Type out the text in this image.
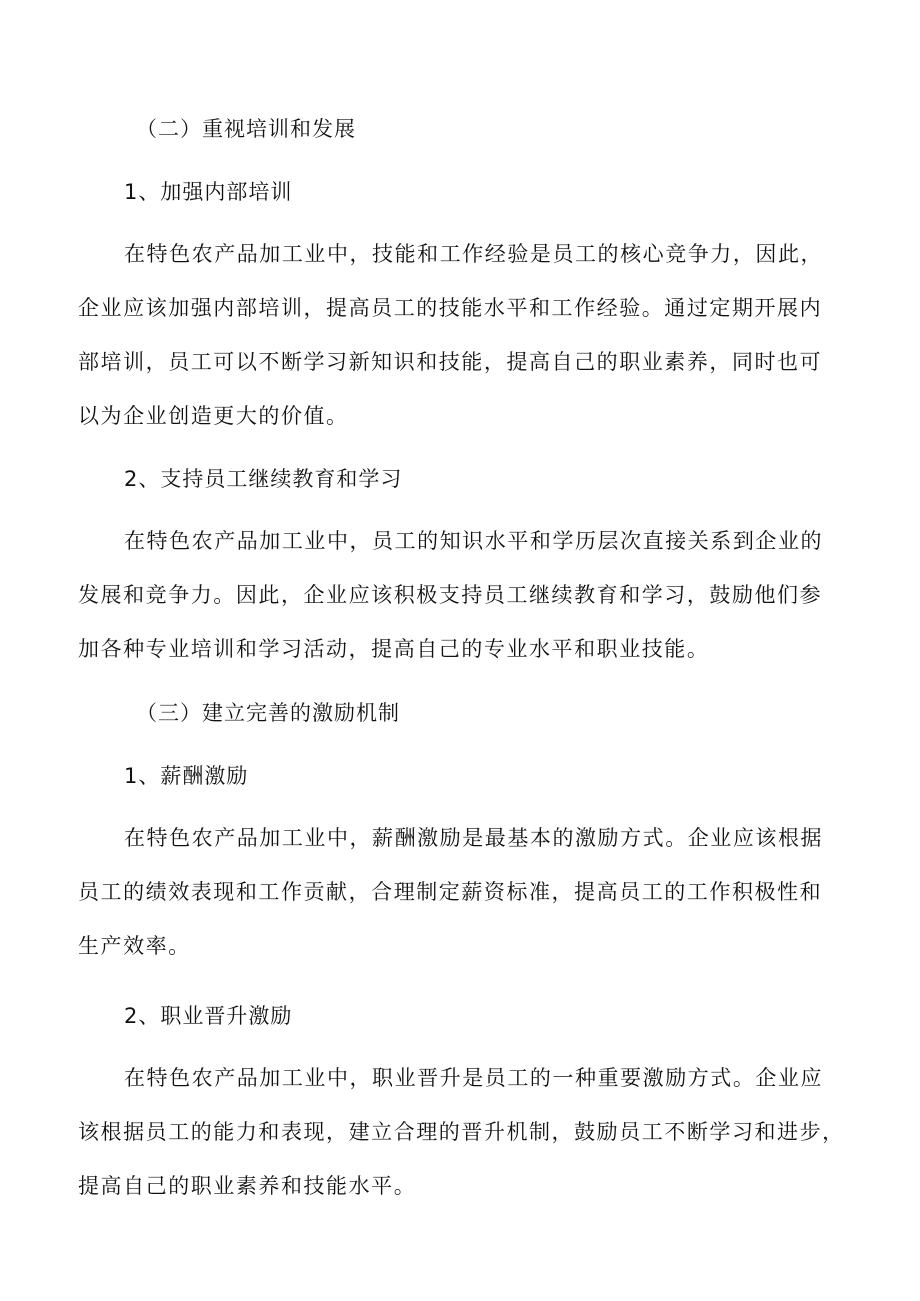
（二）重视培训和发展
1、加强内部培训
在特色农产品加工业中，技能和工作经验是员工的核心竞争力，因此，
企业应该加强内部培训，提高员工的技能水平和工作经验。通过定期开展内
部培训，员工可以不断学习新知识和技能，提高自己的职业素养，同时也可
以为企业创造更大的价值。
2、支持员工继续教育和学习
在特色农产品加工业中，员工的知识水平和学历层次直接关系到企业的
发展和竞争力。因此，企业应该积极支持员工继续教育和学习，鼓励他们参
加各种专业培训和学习活动，提高自己的专业水平和职业技能。
（三）建立完善的激励机制
1、薪酬激励
在特色农产品加工业中，薪酬激励是最基本的激励方式。企业应该根据
员工的绩效表现和工作贡献，合理制定薪资标准，提高员工的工作积极性和
生产效率。
2、职业晋升激励
在特色农产品加工业中，职业晋升是员工的一种重要激励方式。企业应
该根据员工的能力和表现，建立合理的晋升机制，鼓励员工不断学习和进步，
提高自己的职业素养和技能水平。
